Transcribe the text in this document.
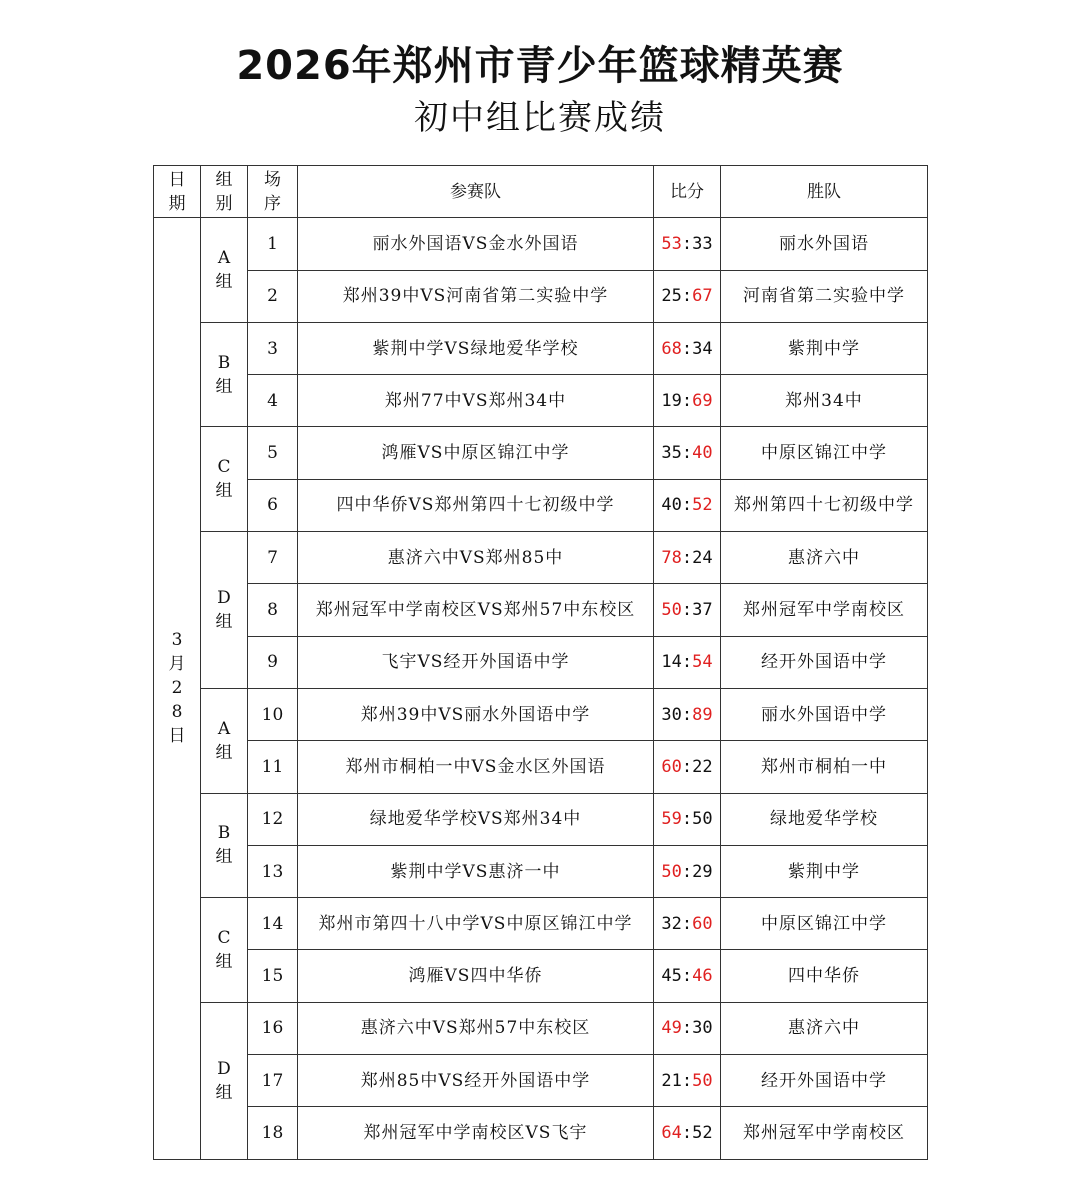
2026年郑州市青少年篮球精英赛
初中组比赛成绩
日期	组别	场序	参赛队	比分	胜队
3月28日	A组	1	丽水外国语VS金水外国语	53:33	丽水外国语
		2	郑州39中VS河南省第二实验中学	25:67	河南省第二实验中学
	B组	3	紫荆中学VS绿地爱华学校	68:34	紫荆中学
		4	郑州77中VS郑州34中	19:69	郑州34中
	C组	5	鸿雁VS中原区锦江中学	35:40	中原区锦江中学
		6	四中华侨VS郑州第四十七初级中学	40:52	郑州第四十七初级中学
	D组	7	惠济六中VS郑州85中	78:24	惠济六中
		8	郑州冠军中学南校区VS郑州57中东校区	50:37	郑州冠军中学南校区
		9	飞宇VS经开外国语中学	14:54	经开外国语中学
	A组	10	郑州39中VS丽水外国语中学	30:89	丽水外国语中学
		11	郑州市桐柏一中VS金水区外国语	60:22	郑州市桐柏一中
	B组	12	绿地爱华学校VS郑州34中	59:50	绿地爱华学校
		13	紫荆中学VS惠济一中	50:29	紫荆中学
	C组	14	郑州市第四十八中学VS中原区锦江中学	32:60	中原区锦江中学
		15	鸿雁VS四中华侨	45:46	四中华侨
	D组	16	惠济六中VS郑州57中东校区	49:30	惠济六中
		17	郑州85中VS经开外国语中学	21:50	经开外国语中学
		18	郑州冠军中学南校区VS飞宇	64:52	郑州冠军中学南校区
